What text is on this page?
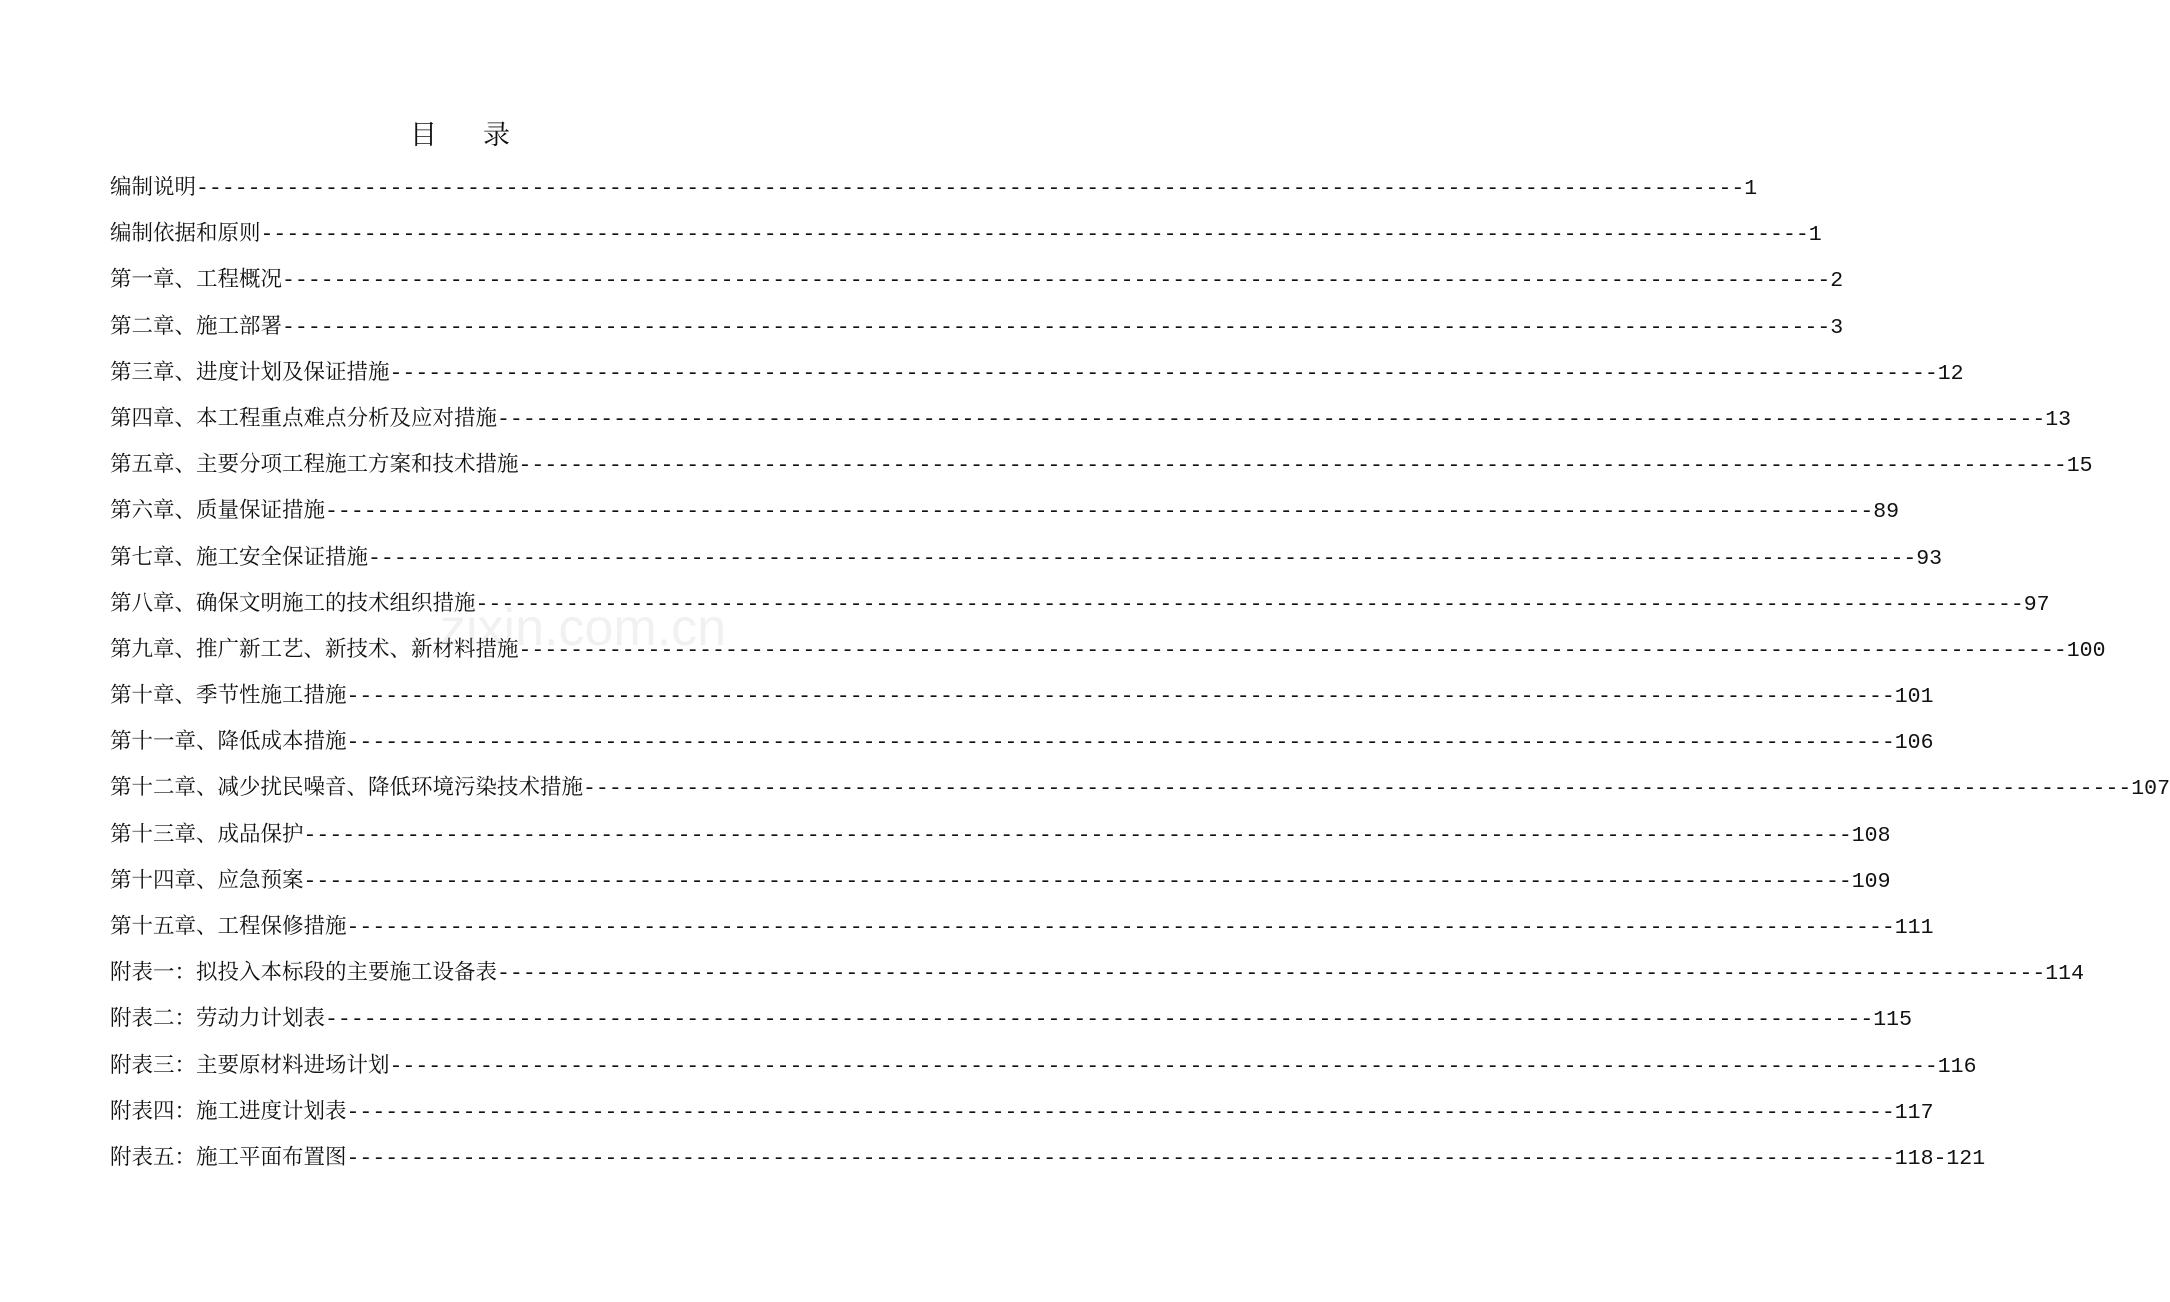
目录
编制说明 ------------------------------------------------------------------------------------------------------------------------ 1
编制依据和原则 ------------------------------------------------------------------------------------------------------------------------ 1
第一章、工程概况 ------------------------------------------------------------------------------------------------------------------------ 2
第二章、施工部署 ------------------------------------------------------------------------------------------------------------------------ 3
第三章、进度计划及保证措施 ------------------------------------------------------------------------------------------------------------------------ 12
第四章、本工程重点难点分析及应对措施 ------------------------------------------------------------------------------------------------------------------------ 13
第五章、主要分项工程施工方案和技术措施 ------------------------------------------------------------------------------------------------------------------------ 15
第六章、质量保证措施 ------------------------------------------------------------------------------------------------------------------------ 89
第七章、施工安全保证措施 ------------------------------------------------------------------------------------------------------------------------ 93
第八章、确保文明施工的技术组织措施 ------------------------------------------------------------------------------------------------------------------------ 97
第九章、推广新工艺、新技术、新材料措施 ------------------------------------------------------------------------------------------------------------------------ 100
第十章、季节性施工措施 ------------------------------------------------------------------------------------------------------------------------ 101
第十一章、降低成本措施 ------------------------------------------------------------------------------------------------------------------------ 106
第十二章、减少扰民噪音、降低环境污染技术措施 ------------------------------------------------------------------------------------------------------------------------ 107
第十三章、成品保护 ------------------------------------------------------------------------------------------------------------------------ 108
第十四章、应急预案 ------------------------------------------------------------------------------------------------------------------------ 109
第十五章、工程保修措施 ------------------------------------------------------------------------------------------------------------------------ 111
附表一：拟投入本标段的主要施工设备表 ------------------------------------------------------------------------------------------------------------------------ 114
附表二：劳动力计划表 ------------------------------------------------------------------------------------------------------------------------ 115
附表三：主要原材料进场计划 ------------------------------------------------------------------------------------------------------------------------ 116
附表四：施工进度计划表 ------------------------------------------------------------------------------------------------------------------------ 117
附表五：施工平面布置图 ------------------------------------------------------------------------------------------------------------------------ 118-121
zixin.com.cn
